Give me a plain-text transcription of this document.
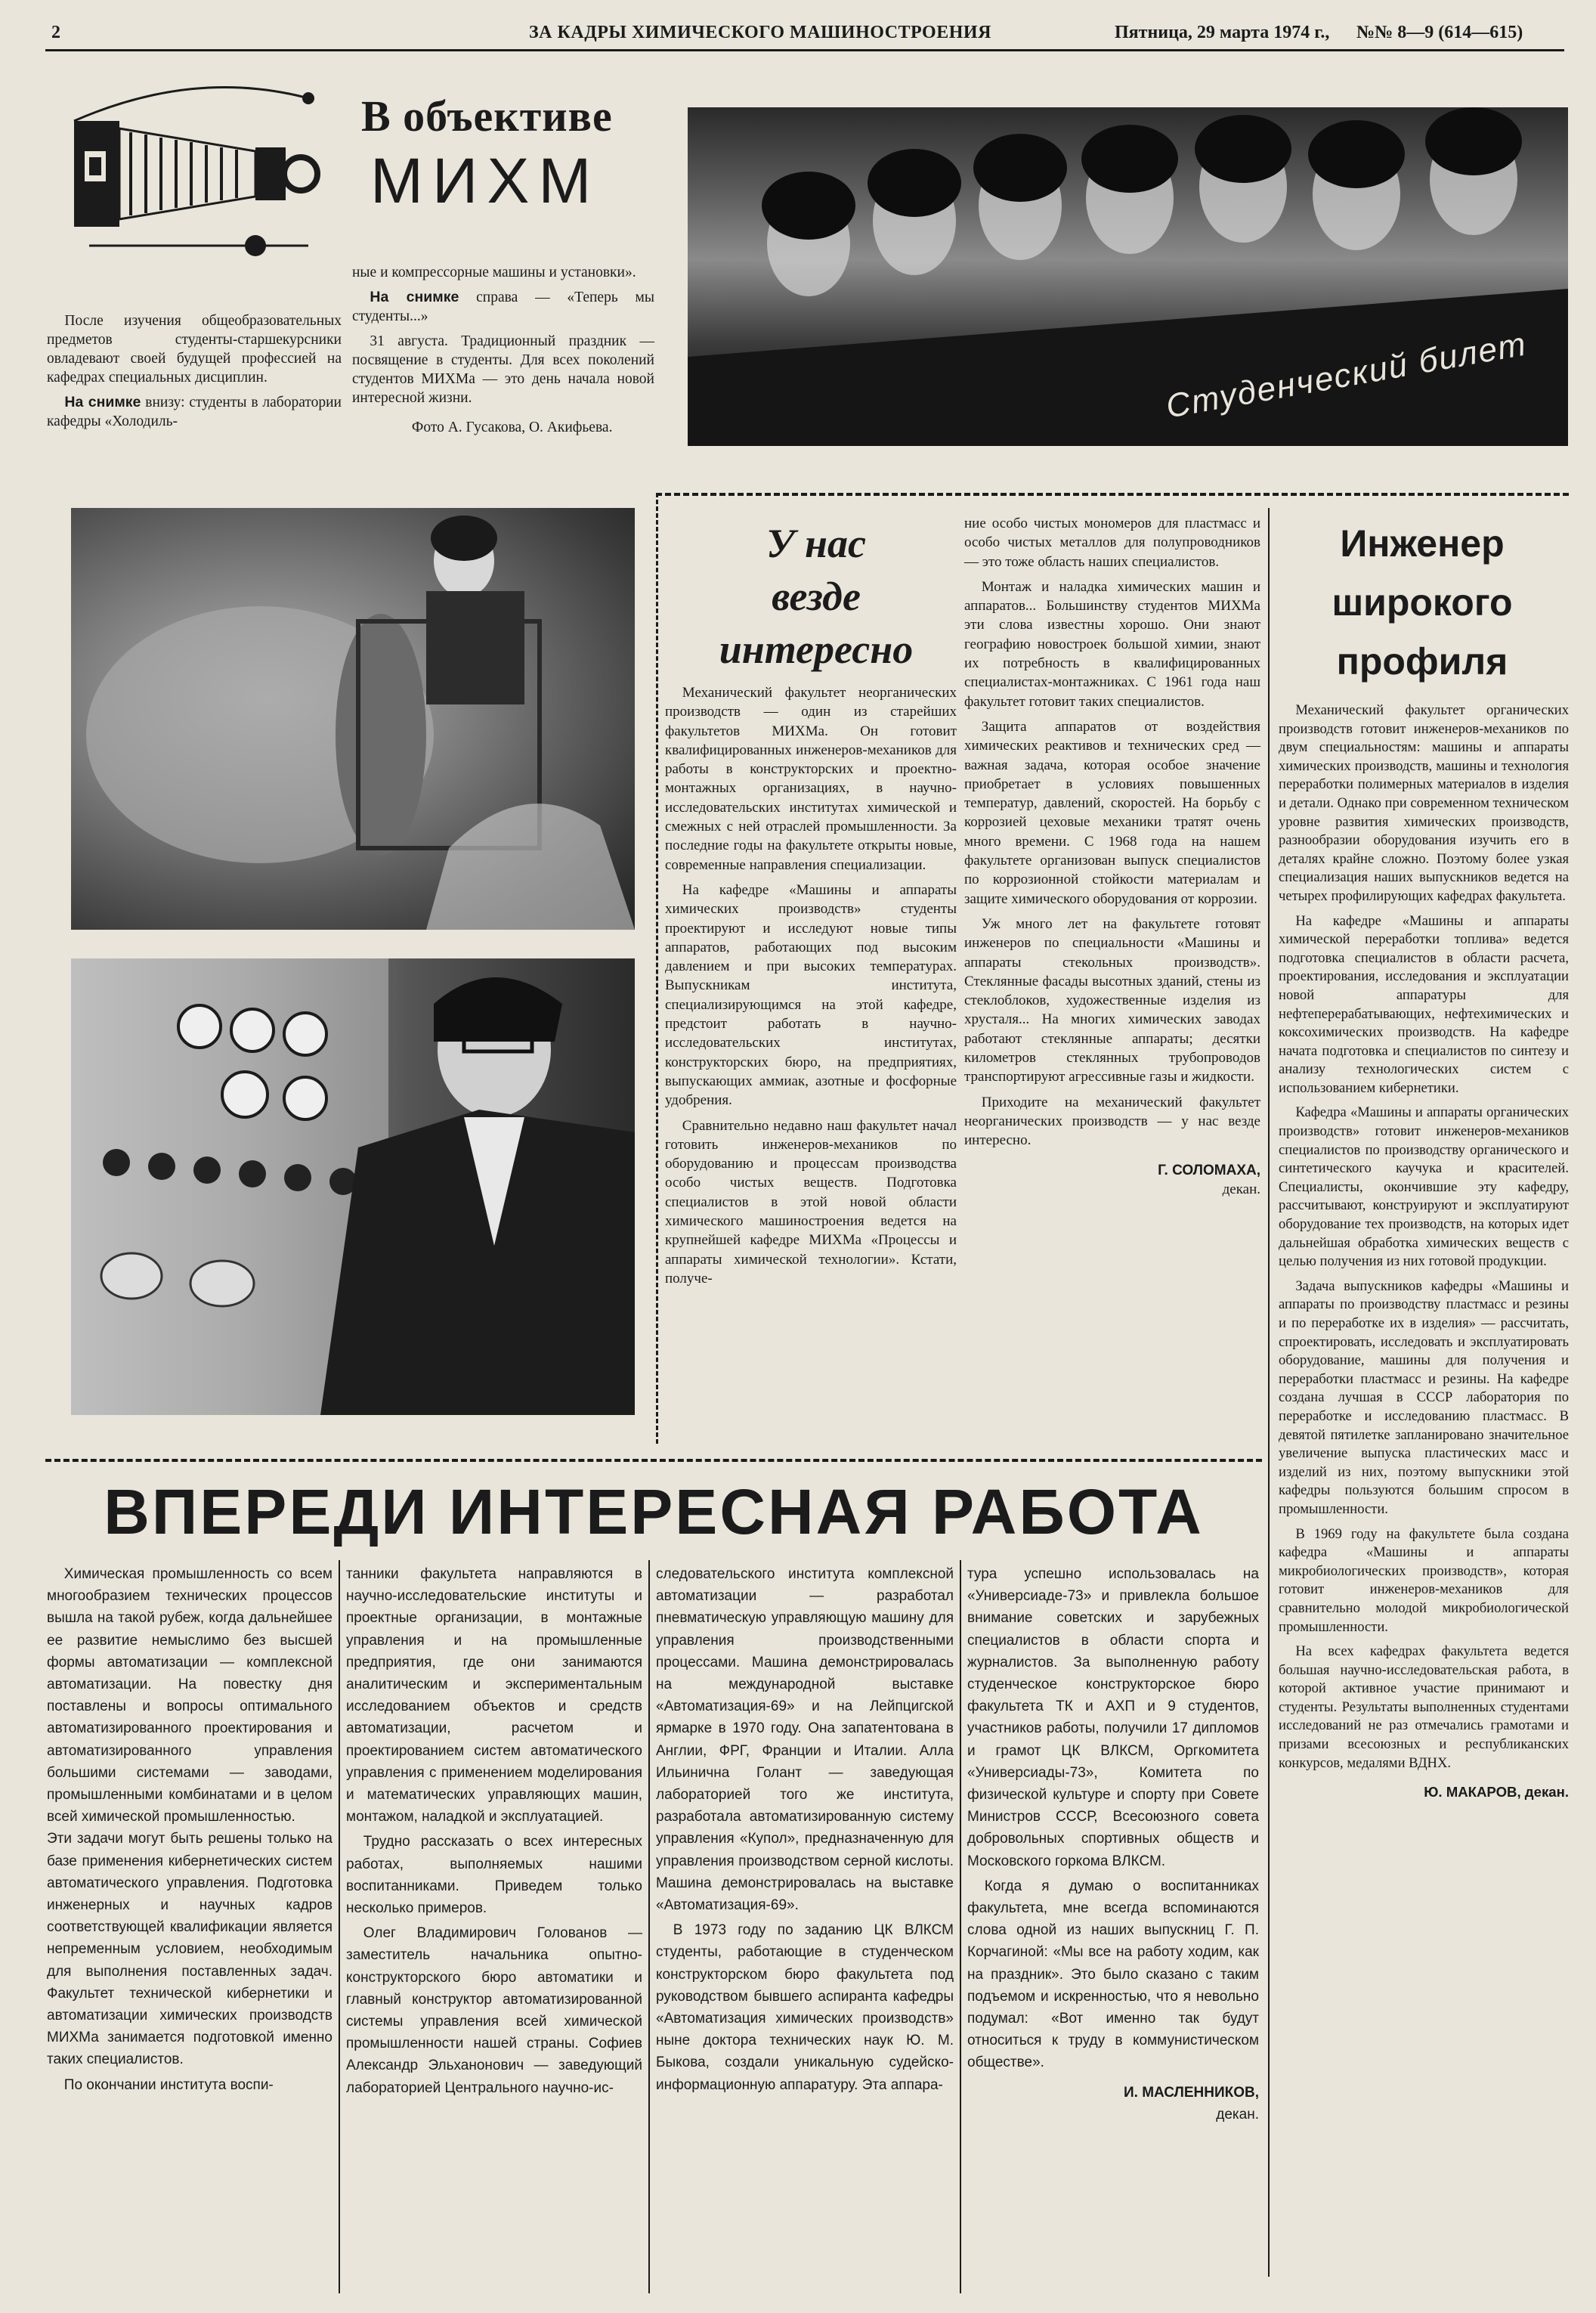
2	ЗА КАДРЫ ХИМИЧЕСКОГО МАШИНОСТРОЕНИЯ	Пятница, 29 марта 1974 г., №№ 8—9 (614—615)
В объективе
МИХМ

После изучения общеобразовательных предметов студенты-старшекурсники овладевают своей будущей профессией на кафедрах специальных дисциплин.

На снимке внизу: студенты в лаборатории кафедры «Холодиль-

ные и компрессорные машины и установки».

На снимке справа — «Теперь мы студенты...»

31 августа. Традиционный праздник — посвящение в студенты. Для всех поколений студентов МИХМа — это день начала новой интересной жизни.

Фото А. Гусакова, О. Акифьева.

Студенческий билет
У нас
везде
интересно

Механический факультет неорганических производств — один из старейших факультетов МИХМа. Он готовит квалифицированных инженеров-механиков для работы в конструкторских и проектно-монтажных организациях, в научно-исследовательских институтах химической и смежных с ней отраслей промышленности. За последние годы на факультете открыты новые, современные направления специализации.

На кафедре «Машины и аппараты химических производств» студенты проектируют и исследуют новые типы аппаратов, работающих под высоким давлением и при высоких температурах. Выпускникам института, специализирующимся на этой кафедре, предстоит работать в научно-исследовательских институтах, конструкторских бюро, на предприятиях, выпускающих аммиак, азотные и фосфорные удобрения.

Сравнительно недавно наш факультет начал готовить инженеров-механиков по оборудованию и процессам производства особо чистых веществ. Подготовка специалистов в этой новой области химического машиностроения ведется на крупнейшей кафедре МИХМа «Процессы и аппараты химической технологии». Кстати, получе-

ние особо чистых мономеров для пластмасс и особо чистых металлов для полупроводников — это тоже область наших специалистов.

Монтаж и наладка химических машин и аппаратов... Большинству студентов МИХМа эти слова известны хорошо. Они знают географию новостроек большой химии, знают их потребность в квалифицированных специалистах-монтажниках. С 1961 года наш факультет готовит таких специалистов.

Защита аппаратов от воздействия химических реактивов и технических сред — важная задача, которая особое значение приобретает в условиях повышенных температур, давлений, скоростей. На борьбу с коррозией цеховые механики тратят очень много времени. С 1968 года на нашем факультете организован выпуск специалистов по коррозионной стойкости материалам и защите химического оборудования от коррозии.

Уж много лет на факультете готовят инженеров по специальности «Машины и аппараты стекольных производств». Стеклянные фасады высотных зданий, стены из стеклоблоков, художественные изделия из хрусталя... На многих химических заводах работают стеклянные аппараты; десятки километров стеклянных трубопроводов транспортируют агрессивные газы и жидкости.

Приходите на механический факультет неорганических производств — у нас везде интересно.

Г. СОЛОМАХА,

декан.

Инженер
широкого
профиля

Механический факультет органических производств готовит инженеров-механиков по двум специальностям: машины и аппараты химических производств, машины и технология переработки полимерных материалов в изделия и детали. Однако при современном техническом уровне развития химических производств, разнообразии оборудования изучить его в деталях крайне сложно. Поэтому более узкая специализация наших выпускников ведется на четырех профилирующих кафедрах факультета.

На кафедре «Машины и аппараты химической переработки топлива» ведется подготовка специалистов в области расчета, проектирования, исследования и эксплуатации новой аппаратуры для нефтеперерабатывающих, нефтехимических и коксохимических производств. На кафедре начата подготовка и специалистов по синтезу и анализу технологических систем с использованием кибернетики.

Кафедра «Машины и аппараты органических производств» готовит инженеров-механиков специалистов по производству органического и синтетического каучука и красителей. Специалисты, окончившие эту кафедру, рассчитывают, конструируют и эксплуатируют оборудование тех производств, на которых идет дальнейшая обработка химических веществ с целью получения из них готовой продукции.

Задача выпускников кафедры «Машины и аппараты по производству пластмасс и резины и по переработке их в изделия» — рассчитать, спроектировать, исследовать и эксплуатировать оборудование, машины для получения и переработки пластмасс и резины. На кафедре создана лучшая в СССР лаборатория по переработке и исследованию пластмасс. В девятой пятилетке запланировано значительное увеличение выпуска пластических масс и изделий из них, поэтому выпускники этой кафедры пользуются большим спросом в промышленности.

В 1969 году на факультете была создана кафедра «Машины и аппараты микробиологических производств», которая готовит инженеров-механиков для сравнительно молодой микробиологической промышленности.

На всех кафедрах факультета ведется большая научно-исследовательская работа, в которой активное участие принимают и студенты. Результаты выполненных студентами исследований не раз отмечались грамотами и призами всесоюзных и республиканских конкурсов, медалями ВДНХ.

Ю. МАКАРОВ, декан.

ВПЕРЕДИ ИНТЕРЕСНАЯ РАБОТА

Химическая промышленность со всем многообразием технических процессов вышла на такой рубеж, когда дальнейшее ее развитие немыслимо без высшей формы автоматизации — комплексной автоматизации. На повестку дня поставлены и вопросы оптимального автоматизированного проектирования и автоматизированного управления большими системами — заводами, промышленными комбинатами и в целом всей химической промышленностью.

Эти задачи могут быть решены только на базе применения кибернетических систем автоматического управления. Подготовка инженерных и научных кадров соответствующей квалификации является непременным условием, необходимым для выполнения поставленных задач. Факультет технической кибернетики и автоматизации химических производств МИХМа занимается подготовкой именно таких специалистов.

По окончании института воспи-

танники факультета направляются в научно-исследовательские институты и проектные организации, в монтажные управления и на промышленные предприятия, где они занимаются аналитическим и экспериментальным исследованием объектов и средств автоматизации, расчетом и проектированием систем автоматического управления с применением моделирования и математических управляющих машин, монтажом, наладкой и эксплуатацией.

Трудно рассказать о всех интересных работах, выполняемых нашими воспитанниками. Приведем только несколько примеров.

Олег Владимирович Голованов — заместитель начальника опытно-конструкторского бюро автоматики и главный конструктор автоматизированной системы управления всей химической промышленности нашей страны. Софиев Александр Эльханонович — заведующий лабораторией Центрального научно-ис-

следовательского института комплексной автоматизации — разработал пневматическую управляющую машину для управления производственными процессами. Машина демонстрировалась на международной выставке «Автоматизация-69» и на Лейпцигской ярмарке в 1970 году. Она запатентована в Англии, ФРГ, Франции и Италии. Алла Ильинична Голант — заведующая лабораторией того же института, разработала автоматизированную систему управления «Купол», предназначенную для управления производством серной кислоты. Машина демонстрировалась на выставке «Автоматизация-69».

В 1973 году по заданию ЦК ВЛКСМ студенты, работающие в студенческом конструкторском бюро факультета под руководством бывшего аспиранта кафедры «Автоматизация химических производств» ныне доктора технических наук Ю. М. Быкова, создали уникальную судейско-информационную аппаратуру. Эта аппара-

тура успешно использовалась на «Универсиаде-73» и привлекла большое внимание советских и зарубежных специалистов в области спорта и журналистов. За выполненную работу студенческое конструкторское бюро факультета ТК и АХП и 9 студентов, участников работы, получили 17 дипломов и грамот ЦК ВЛКСМ, Оргкомитета «Универсиады-73», Комитета по физической культуре и спорту при Совете Министров СССР, Всесоюзного совета добровольных спортивных обществ и Московского горкома ВЛКСМ.

Когда я думаю о воспитанниках факультета, мне всегда вспоминаются слова одной из наших выпускниц Г. П. Корчагиной: «Мы все на работу ходим, как на праздник». Это было сказано с таким подъемом и искренностью, что я невольно подумал: «Вот именно так будут относиться к труду в коммунистическом обществе».

И. МАСЛЕННИКОВ,

декан.
